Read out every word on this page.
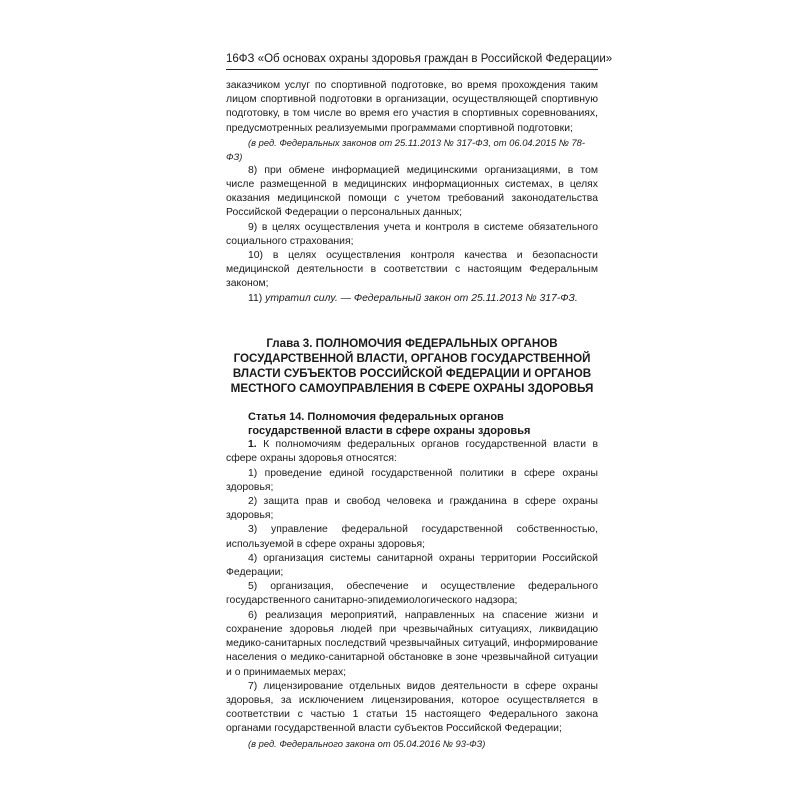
16 ФЗ «Об основах охраны здоровья граждан в Российской Федерации»

заказчиком услуг по спортивной подготовке, во время прохождения таким лицом спортивной подготовки в организации, осуществляющей спортивную подготовку, в том числе во время его участия в спортивных соревнованиях, предусмотренных реализуемыми программами спортивной подготовки;

(в ред. Федеральных законов от 25.11.2013 № 317-ФЗ, от 06.04.2015 № 78-ФЗ)

8) при обмене информацией медицинскими организациями, в том числе размещенной в медицинских информационных системах, в целях оказания медицинской помощи с учетом требований законодательства Российской Федерации о персональных данных;

9) в целях осуществления учета и контроля в системе обязательного социального страхования;

10) в целях осуществления контроля качества и безопасности медицинской деятельности в соответствии с настоящим Федеральным законом;

11) утратил силу. — Федеральный закон от 25.11.2013 № 317-ФЗ.

Глава 3. ПОЛНОМОЧИЯ ФЕДЕРАЛЬНЫХ ОРГАНОВ ГОСУДАРСТВЕННОЙ ВЛАСТИ, ОРГАНОВ ГОСУДАРСТВЕННОЙ ВЛАСТИ СУБЪЕКТОВ РОССИЙСКОЙ ФЕДЕРАЦИИ И ОРГАНОВ МЕСТНОГО САМОУПРАВЛЕНИЯ В СФЕРЕ ОХРАНЫ ЗДОРОВЬЯ

Статья 14. Полномочия федеральных органов государственной власти в сфере охраны здоровья

1. К полномочиям федеральных органов государственной власти в сфере охраны здоровья относятся:

1) проведение единой государственной политики в сфере охраны здоровья;

2) защита прав и свобод человека и гражданина в сфере охраны здоровья;

3) управление федеральной государственной собственностью, используемой в сфере охраны здоровья;

4) организация системы санитарной охраны территории Российской Федерации;

5) организация, обеспечение и осуществление федерального государственного санитарно-эпидемиологического надзора;

6) реализация мероприятий, направленных на спасение жизни и сохранение здоровья людей при чрезвычайных ситуациях, ликвидацию медико-санитарных последствий чрезвычайных ситуаций, информирование населения о медико-санитарной обстановке в зоне чрезвычайной ситуации и о принимаемых мерах;

7) лицензирование отдельных видов деятельности в сфере охраны здоровья, за исключением лицензирования, которое осуществляется в соответствии с частью 1 статьи 15 настоящего Федерального закона органами государственной власти субъектов Российской Федерации;

(в ред. Федерального закона от 05.04.2016 № 93-ФЗ)
